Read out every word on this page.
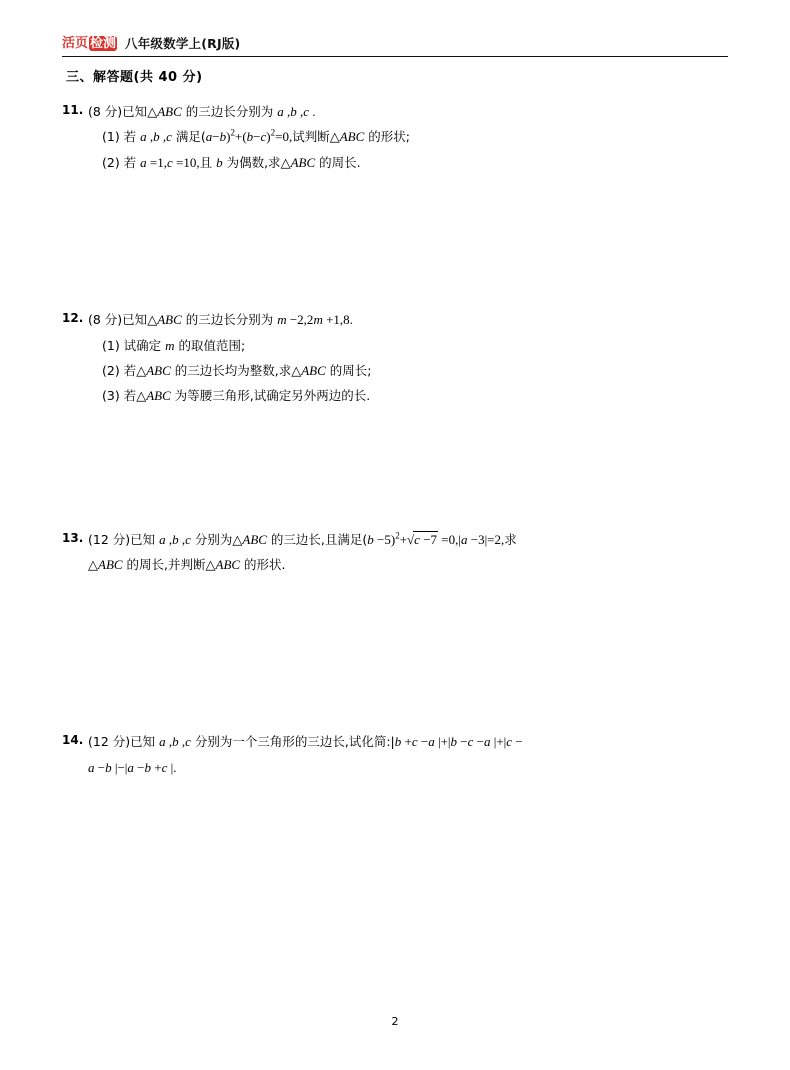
活页 检测 八年级数学上(RJ版)
三、解答题(共 40 分)
11. (8 分)已知△ABC 的三边长分别为 a ,b ,c .
(1) 若 a ,b ,c 满足$(a-b)^2+(b-c)^2=0$,试判断△ABC 的形状;
(2) 若 a =1,c =10,且 b 为偶数,求△ABC 的周长.
12. (8 分)已知△ABC 的三边长分别为 m −2,2m +1,8.
(1) 试确定 m 的取值范围;
(2) 若△ABC 的三边长均为整数,求△ABC 的周长;
(3) 若△ABC 为等腰三角形,试确定另外两边的长.
13. (12 分)已知 a ,b ,c 分别为△ABC 的三边长,且满足$(b -5)^2+√c -7 =0,|a -3|=2$,求
△ABC 的周长,并判断△ABC 的形状.
14. (12 分)已知 a ,b ,c 分别为一个三角形的三边长,试化简:|b +c −a |+|b −c −a |+|c −
a −b |−|a −b +c |.
2
